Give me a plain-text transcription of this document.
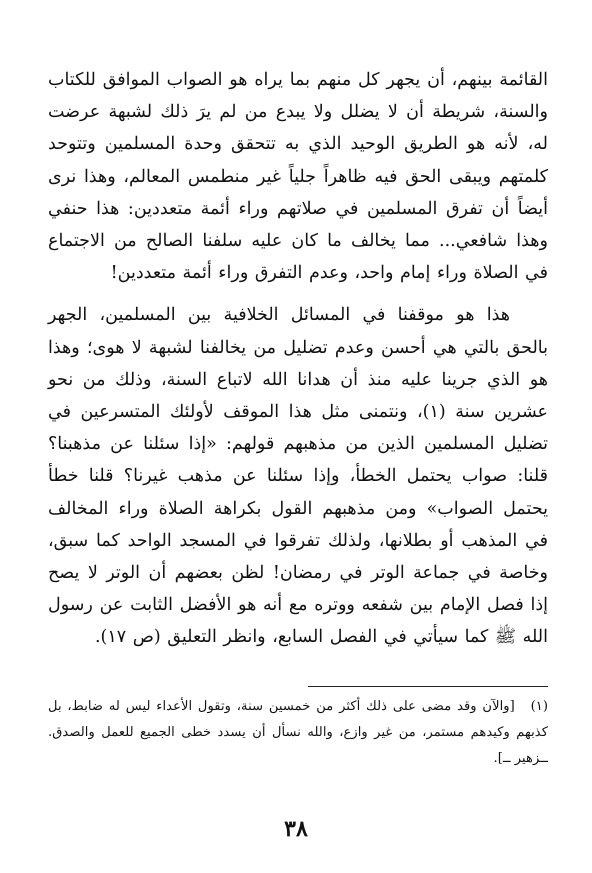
القائمة بينهم، أن يجهر كل منهم بما يراه هو الصواب الموافق للكتاب والسنة، شريطة أن لا يضلل ولا يبدع من لم يرَ ذلك لشبهة عرضت له، لأنه هو الطريق الوحيد الذي به تتحقق وحدة المسلمين وتتوحد كلمتهم ويبقى الحق فيه ظاهراً جلياً غير منطمس المعالم، وهذا نرى أيضاً أن تفرق المسلمين في صلاتهم وراء أئمة متعددين: هذا حنفي وهذا شافعي... مما يخالف ما كان عليه سلفنا الصالح من الاجتماع في الصلاة وراء إمام واحد، وعدم التفرق وراء أئمة متعددين!

هذا هو موقفنا في المسائل الخلافية بين المسلمين، الجهر بالحق بالتي هي أحسن وعدم تضليل من يخالفنا لشبهة لا هوى؛ وهذا هو الذي جرينا عليه منذ أن هدانا الله لاتباع السنة، وذلك من نحو عشرين سنة (١)، ونتمنى مثل هذا الموقف لأولئك المتسرعين في تضليل المسلمين الذين من مذهبهم قولهم: «إذا سئلنا عن مذهبنا؟ قلنا: صواب يحتمل الخطأ، وإذا سئلنا عن مذهب غيرنا؟ قلنا خطأ يحتمل الصواب» ومن مذهبهم القول بكراهة الصلاة وراء المخالف في المذهب أو بطلانها، ولذلك تفرقوا في المسجد الواحد كما سبق، وخاصة في جماعة الوتر في رمضان! لظن بعضهم أن الوتر لا يصح إذا فصل الإمام بين شفعه ووتره مع أنه هو الأفضل الثابت عن رسول الله ﷺ كما سيأتي في الفصل السابع، وانظر التعليق (ص ١٧).

(١) [والآن وقد مضى على ذلك أكثر من خمسين سنة، وتقول الأعداء ليس له ضابط، بل كذبهم وكيدهم مستمر، من غير وازع، والله نسأل أن يسدد خطى الجميع للعمل والصدق. ــزهير ــ].
٣٨
